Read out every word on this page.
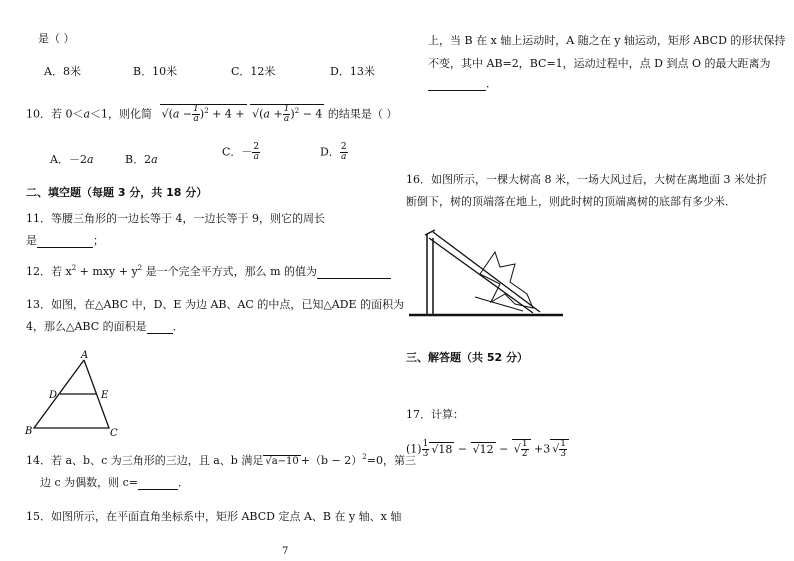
是（ ）
A．8米	B．10米	C．12米	D．13米
10．若 0＜a＜1，则化简 $√(a - \frac{1}{a} )^2 + 4 + √(a + \frac{1}{a} )^2 - 4$ 的结果是（ ）
A．－2a	B．2a
C．－ $\frac{2}{a}$	D． $\frac{2}{a}$
二、填空题（每题 3 分，共 18 分）
11．等腰三角形的一边长等于 4，一边长等于 9，则它的周长
是	；
12．若 $x^2$ + mxy + $y^2$ 是一个完全平方式，那么 m 的值为
13．如图，在△ABC 中，D、E 为边 AB、AC 的中点，已知△ADE 的面积为
4，那么△ABC 的面积是 ．
A
D	E
B	C
14．若 a、b、c 为三角形的三边，且 a、b 满足 $√a-10 +(b - 2)^2=0$，第三
边 c 为偶数，则 c=	．
15．如图所示，在平面直角坐标系中，矩形 ABCD 定点 A、B 在 y 轴、x 轴
7
上，当 B 在 x 轴上运动时，A 随之在 y 轴运动，矩形 ABCD 的形状保持
不变，其中 AB=2，BC=1，运动过程中，点 D 到点 O 的最大距离为
．
16．如图所示，一棵大树高 8 米，一场大风过后，大树在离地面 3 米处折
断倒下，树的顶端落在地上，则此时树的顶端离树的底部有多少米．
三、解答题（共 52 分）
17．计算：
$(1) \frac{1}{3} √18 - √12$ − √ $\frac{1}{2} +3$ √ $\frac{1}{3}$
